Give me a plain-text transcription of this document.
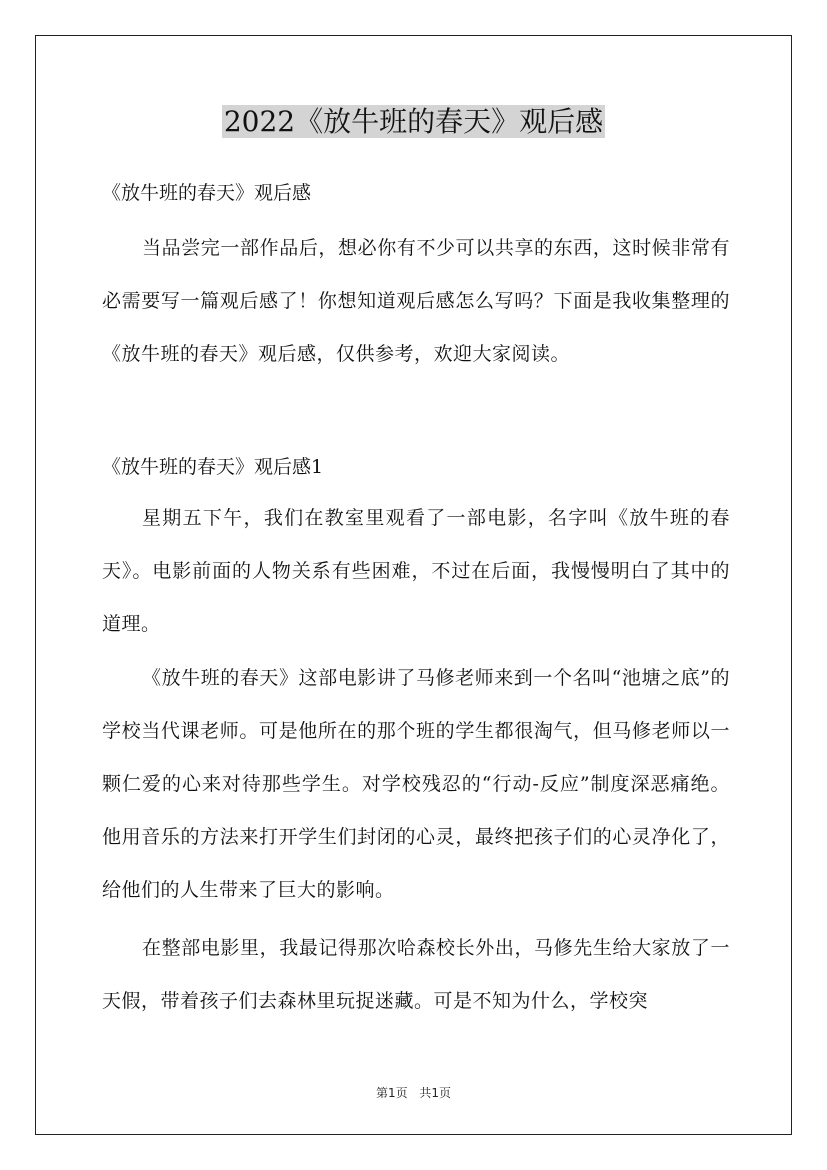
2022《放牛班的春天》观后感
《放牛班的春天》观后感

当品尝完一部作品后，想必你有不少可以共享的东西，这时候非常有必需要写一篇观后感了！你想知道观后感怎么写吗？下面是我收集整理的《放牛班的春天》观后感，仅供参考，欢迎大家阅读。

《放牛班的春天》观后感1

星期五下午，我们在教室里观看了一部电影，名字叫《放牛班的春天》。电影前面的人物关系有些困难，不过在后面，我慢慢明白了其中的道理。

《放牛班的春天》这部电影讲了马修老师来到一个名叫“池塘之底”的学校当代课老师。可是他所在的那个班的学生都很淘气，但马修老师以一颗仁爱的心来对待那些学生。对学校残忍的“行动-反应”制度深恶痛绝。他用音乐的方法来打开学生们封闭的心灵，最终把孩子们的心灵净化了，给他们的人生带来了巨大的影响。

在整部电影里，我最记得那次哈森校长外出，马修先生给大家放了一天假，带着孩子们去森林里玩捉迷藏。可是不知为什么，学校突

第1页 共1页
